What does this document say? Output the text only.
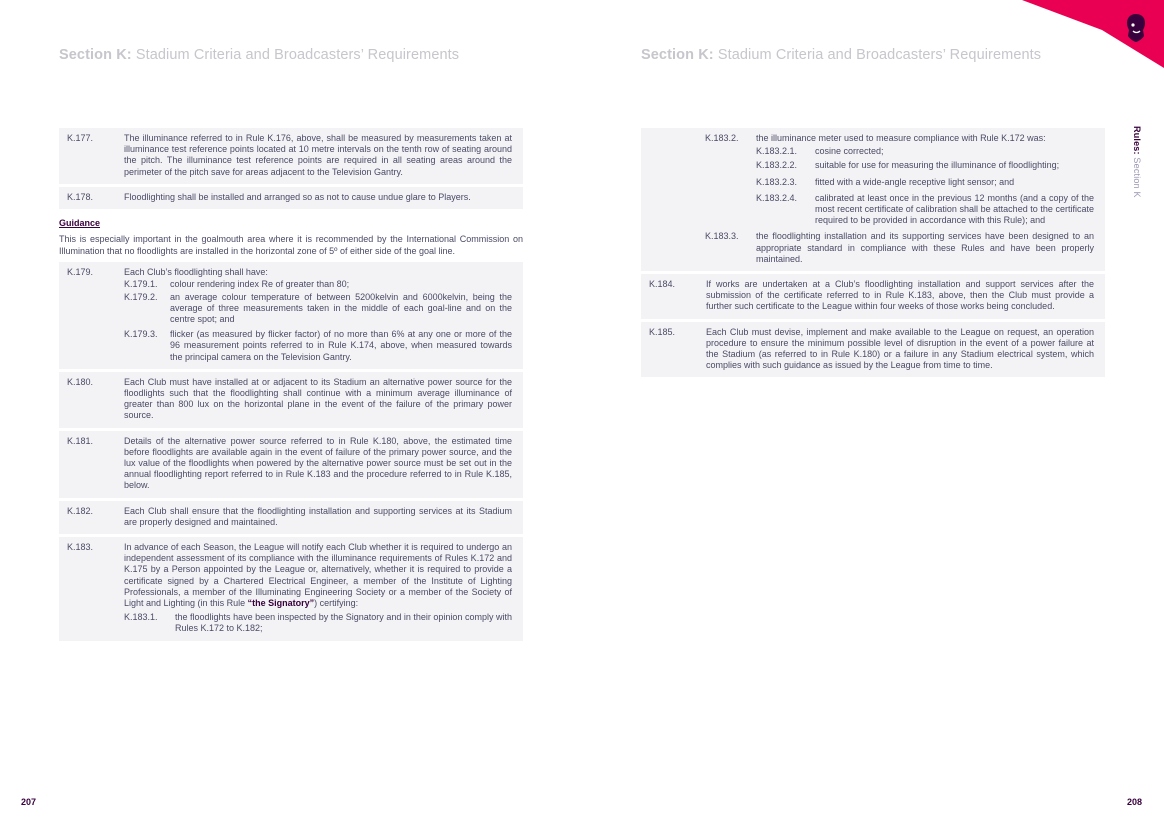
Section K: Stadium Criteria and Broadcasters’ Requirements	Section K: Stadium Criteria and Broadcasters’ Requirements
Rules: Section K
K.177.	The illuminance referred to in Rule K.176, above, shall be measured by measurements taken at illuminance test reference points located at 10 metre intervals on the tenth row of seating around the pitch. The illuminance test reference points are required in all seating areas around the perimeter of the pitch save for areas adjacent to the Television Gantry.
K.178.	Floodlighting shall be installed and arranged so as not to cause undue glare to Players.
Guidance
This is especially important in the goalmouth area where it is recommended by the International Commission on Illumination that no floodlights are installed in the horizontal zone of 5º of either side of the goal line.
K.179.	Each Club’s floodlighting shall have:
K.179.1.	colour rendering index Re of greater than 80;
K.179.2.	an average colour temperature of between 5200kelvin and 6000kelvin, being the average of three measurements taken in the middle of each goal-line and on the centre spot; and
K.179.3.	flicker (as measured by flicker factor) of no more than 6% at any one or more of the 96 measurement points referred to in Rule K.174, above, when measured towards the principal camera on the Television Gantry.
K.180.	Each Club must have installed at or adjacent to its Stadium an alternative power source for the floodlights such that the floodlighting shall continue with a minimum average illuminance of greater than 800 lux on the horizontal plane in the event of the failure of the primary power source.
K.181.	Details of the alternative power source referred to in Rule K.180, above, the estimated time before floodlights are available again in the event of failure of the primary power source, and the lux value of the floodlights when powered by the alternative power source must be set out in the annual floodlighting report referred to in Rule K.183 and the procedure referred to in Rule K.185, below.
K.182.	Each Club shall ensure that the floodlighting installation and supporting services at its Stadium are properly designed and maintained.
K.183.	In advance of each Season, the League will notify each Club whether it is required to undergo an independent assessment of its compliance with the illuminance requirements of Rules K.172 and K.175 by a Person appointed by the League or, alternatively, whether it is required to provide a certificate signed by a Chartered Electrical Engineer, a member of the Institute of Lighting Professionals, a member of the Illuminating Engineering Society or a member of the Society of Light and Lighting (in this Rule “the Signatory”) certifying:
K.183.1.	the floodlights have been inspected by the Signatory and in their opinion comply with Rules K.172 to K.182;
K.183.2.	the illuminance meter used to measure compliance with Rule K.172 was:
K.183.2.1.	cosine corrected;
K.183.2.2.	suitable for use for measuring the illuminance of floodlighting;
K.183.2.3.	fitted with a wide-angle receptive light sensor; and
K.183.2.4.	calibrated at least once in the previous 12 months (and a copy of the most recent certificate of calibration shall be attached to the certificate required to be provided in accordance with this Rule); and
K.183.3.	the floodlighting installation and its supporting services have been designed to an appropriate standard in compliance with these Rules and have been properly maintained.
K.184.	If works are undertaken at a Club’s floodlighting installation and support services after the submission of the certificate referred to in Rule K.183, above, then the Club must provide a further such certificate to the League within four weeks of those works being concluded.
K.185.	Each Club must devise, implement and make available to the League on request, an operation procedure to ensure the minimum possible level of disruption in the event of a power failure at the Stadium (as referred to in Rule K.180) or a failure in any Stadium electrical system, which complies with such guidance as issued by the League from time to time.
207	208
